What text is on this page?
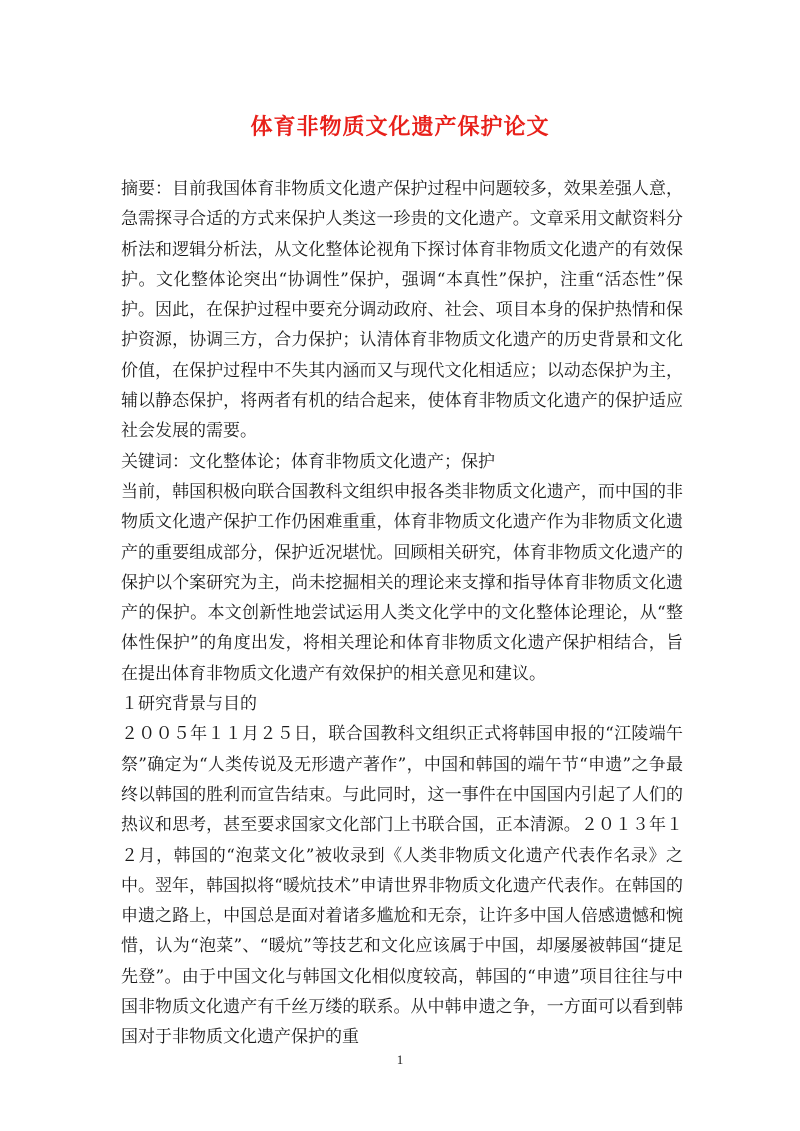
体育非物质文化遗产保护论文

摘要：目前我国体育非物质文化遗产保护过程中问题较多，效果差强人意，急需探寻合适的方式来保护人类这一珍贵的文化遗产。文章采用文献资料分析法和逻辑分析法，从文化整体论视角下探讨体育非物质文化遗产的有效保护。文化整体论突出“协调性”保护，强调“本真性”保护，注重“活态性”保护。因此，在保护过程中要充分调动政府、社会、项目本身的保护热情和保护资源，协调三方，合力保护；认清体育非物质文化遗产的历史背景和文化价值，在保护过程中不失其内涵而又与现代文化相适应；以动态保护为主，辅以静态保护，将两者有机的结合起来，使体育非物质文化遗产的保护适应社会发展的需要。

关键词：文化整体论；体育非物质文化遗产；保护

当前，韩国积极向联合国教科文组织申报各类非物质文化遗产，而中国的非物质文化遗产保护工作仍困难重重，体育非物质文化遗产作为非物质文化遗产的重要组成部分，保护近况堪忧。回顾相关研究，体育非物质文化遗产的保护以个案研究为主，尚未挖掘相关的理论来支撑和指导体育非物质文化遗产的保护。本文创新性地尝试运用人类文化学中的文化整体论理论，从“整体性保护”的角度出发，将相关理论和体育非物质文化遗产保护相结合，旨在提出体育非物质文化遗产有效保护的相关意见和建议。

１研究背景与目的

２００５年１１月２５日，联合国教科文组织正式将韩国申报的“江陵端午祭”确定为“人类传说及无形遗产著作”，中国和韩国的端午节“申遗”之争最终以韩国的胜利而宣告结束。与此同时，这一事件在中国国内引起了人们的热议和思考，甚至要求国家文化部门上书联合国，正本清源。２０１３年１２月，韩国的“泡菜文化”被收录到《人类非物质文化遗产代表作名录》之中。翌年，韩国拟将“暖炕技术”申请世界非物质文化遗产代表作。在韩国的申遗之路上，中国总是面对着诸多尴尬和无奈，让许多中国人倍感遗憾和惋惜，认为“泡菜”、“暖炕”等技艺和文化应该属于中国，却屡屡被韩国“捷足先登”。由于中国文化与韩国文化相似度较高，韩国的“申遗”项目往往与中国非物质文化遗产有千丝万缕的联系。从中韩申遗之争，一方面可以看到韩国对于非物质文化遗产保护的重

1
